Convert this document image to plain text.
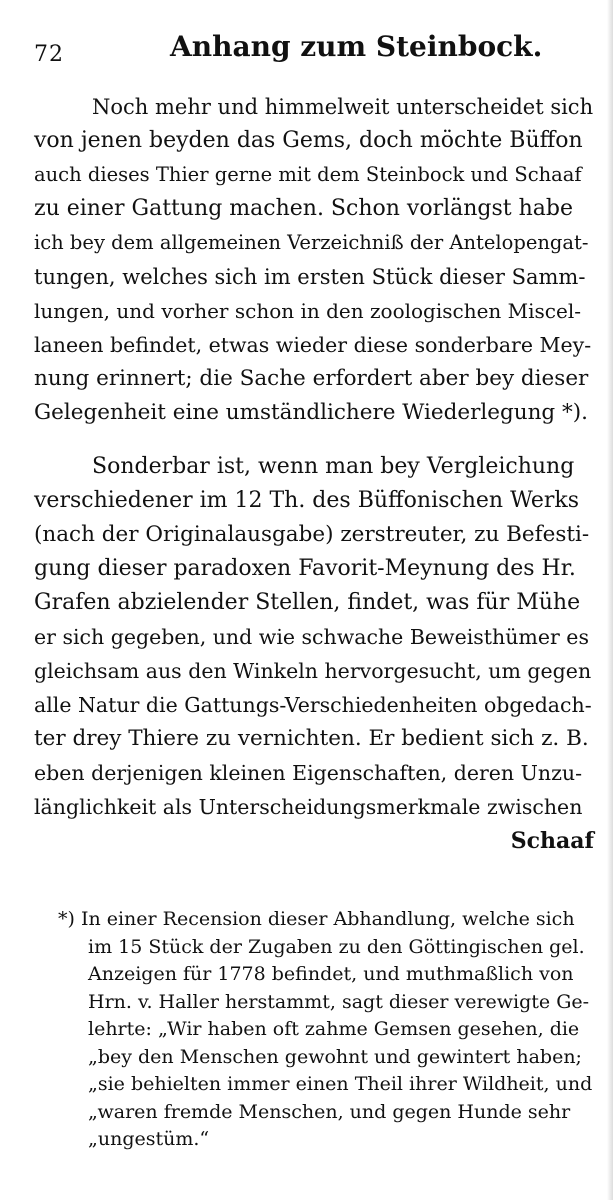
72	Anhang zum Steinbock.
Noch mehr und himmelweit unterscheidet sich
von jenen beyden das Gems, doch möchte Büffon
auch dieses Thier gerne mit dem Steinbock und Schaaf
zu einer Gattung machen. Schon vorlängst habe
ich bey dem allgemeinen Verzeichniß der Antelopengat-
tungen, welches sich im ersten Stück dieser Samm-
lungen, und vorher schon in den zoologischen Miscel-
laneen befindet, etwas wieder diese sonderbare Mey-
nung erinnert; die Sache erfordert aber bey dieser
Gelegenheit eine umständlichere Wiederlegung *).
Sonderbar ist, wenn man bey Vergleichung
verschiedener im 12 Th. des Büffonischen Werks
(nach der Originalausgabe) zerstreuter, zu Befesti-
gung dieser paradoxen Favorit-Meynung des Hr.
Grafen abzielender Stellen, findet, was für Mühe
er sich gegeben, und wie schwache Beweisthümer es
gleichsam aus den Winkeln hervorgesucht, um gegen
alle Natur die Gattungs-Verschiedenheiten obgedach-
ter drey Thiere zu vernichten. Er bedient sich z. B.
eben derjenigen kleinen Eigenschaften, deren Unzu-
länglichkeit als Unterscheidungsmerkmale zwischen
Schaaf
*) In einer Recension dieser Abhandlung, welche sich
im 15 Stück der Zugaben zu den Göttingischen gel.
Anzeigen für 1778 befindet, und muthmaßlich von
Hrn. v. Haller herstammt, sagt dieser verewigte Ge-
lehrte: „Wir haben oft zahme Gemsen gesehen, die
„bey den Menschen gewohnt und gewintert haben;
„sie behielten immer einen Theil ihrer Wildheit, und
„waren fremde Menschen, und gegen Hunde sehr
„ungestüm.“
